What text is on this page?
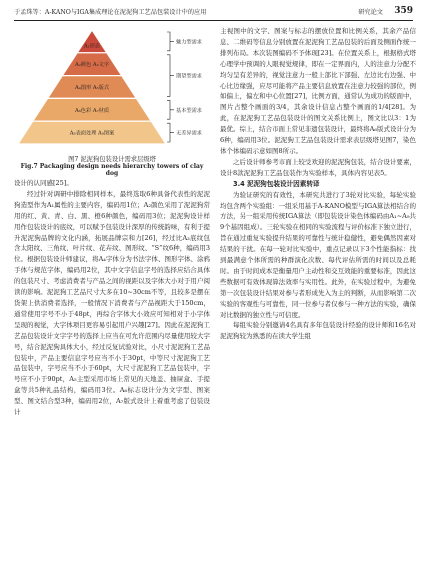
于孟珠等：A-KANO与IGA集成理论在泥泥狗工艺品包装设计中的应用	研究论文 359
A₁形态
A₂颜色 A₃文字
A₄图形 A₅版式
A₆色彩 A₇材质
A₈表面处理 A₉图案
魅力型需求
期望型需求
基本型需求
无差异需求
图7 泥泥狗包装设计需求层级塔
Fig.7 Packaging design needs hierarchy towers of clay dog

设计的认同感[25]。

经过针对调研中排除相同样本，最终选取6种具备代表性的泥泥狗造型作为A₁属性的主要内容，编码用1位；A₂颜色采用了泥泥狗常用的红、黄、青、白、黑、橙6种颜色，编码用3位；泥泥狗设计样用作包装设计的底纹，可以赋予包装设计深厚的传统韵味，有利于提升泥泥狗品牌的文化内涵，拓展品牌宗和力[26]，经过比A₃底纹包含太阳纹、三角纹、叶片纹、花卉纹、图形纹、“S”纹6种，编码用3位。根据包装设计师建议，将A₄字体分为书法字体、图形字体、涂鸦手体与规范字体，编码用2位，其中文字信息字号的选择应结合具体的包装尺寸、考虑消费者与产品之间的视距以及字体大小对于用户阅读的影响。泥泥狗工艺品尺寸大多在10~30cm不等，且较多是摆在货架上供消费者选择，一般情况下消费者与产品视距大于150cm，通常使用字号不小于48pt，再综合字体大小效应可知相对于小字体呈现的视觉，大字体项目更容易引起用户兴趣[27]。因此在泥泥狗工艺品包装设计文字字号的选择上应当在可允许范围内尽量使用较大字号，结合泥泥狗具体大小，经过反复试验对比，小尺寸泥泥狗工艺品包装中，产品主要信息字号应当不小于30pt，中等尺寸泥泥狗工艺品包装中，字号应当不小于60pt，大尺寸泥泥狗工艺品包装中，字号应不小于90pt，A₅主型采用市场上常见的天地盖、抽屉盒、手提盒等共5种礼品结构，编码用3位。A₆标志设计分为文字型、图案型、图文结合型3种，编码用2位，A₇版式设计上着重考虑了包装设计

主视图中的文字、图案与标志的摆放位置和比例关系，其余产品信息、二维码等信息分别放置在泥泥狗工艺品包装的后面及侧面作统一排列布局。本次装图编码不予体现[23]。在位置关系上，根据格式塔心理学中预调的人眼视觉规律，即在一定界面内，人的注意力分配不均匀呈有差异的，视觉注意力一般上部比下部强、左边比右边强、中心比边缘强，应尽可能将产品主要信息放置在注意力较强的部位，例如偏上，偏左和中心位置[27]，比例方面，通常认为成功的版面中，图片占整个画面的3/4，其余设计信息占整个画面的1/4[28]。为此，在泥泥狗工艺品包装设计的图文关系比例上，图文比以3：1为最优。综上，结合市面上常见非遗包装设计，最终将A₆版式设计分为6种，编码用3位。泥泥狗工艺品包装设计需求表层级塔见图7，染色体个体编码示意如图8所示。

之后设计师参考市面上较受欢迎的泥泥狗包装，结合设计要素，设计8款泥泥狗工艺品包装作为实验样本，具体内容见表5。

3.4 泥泥狗包装设计因素转译

为验证研究的有效性，本研究共进行了3轮对比实验，每轮实验均包含两个实验组：一组采用基于A-KANO模型与IGA算法相结合的方法，另一组采用传统IGA算法（即包装设计染色体编码由A₁~A₉共9个基因组成）。三轮实验在相同的实验流程与评价标准下独立进行，旨在通过重复实验提升结果的可靠性与统计稳健性，避免偶然因素对结果的干扰。在每一轮对比实验中，重点记录以下3个性能指标：找到最满意个体所需的种群演化次数、每代评估所需的时间以及总耗时。由于时间成本是衡量用户主动性和交互效能的重要标准，因此这些数据可有效体现算法效率与实用性。此外，在实验过程中，为避免第一次包装设计结果对参与者形成先入为主的判断，从而影响第二次实验的客观性与可靠性，同一位参与者仅参与一种方法的实验，确保对比数据的独立性与可信度。

每组实验分别邀请4名具有多年包装设计经验的设计师和16名对泥泥狗较为熟悉的在读大学生组
